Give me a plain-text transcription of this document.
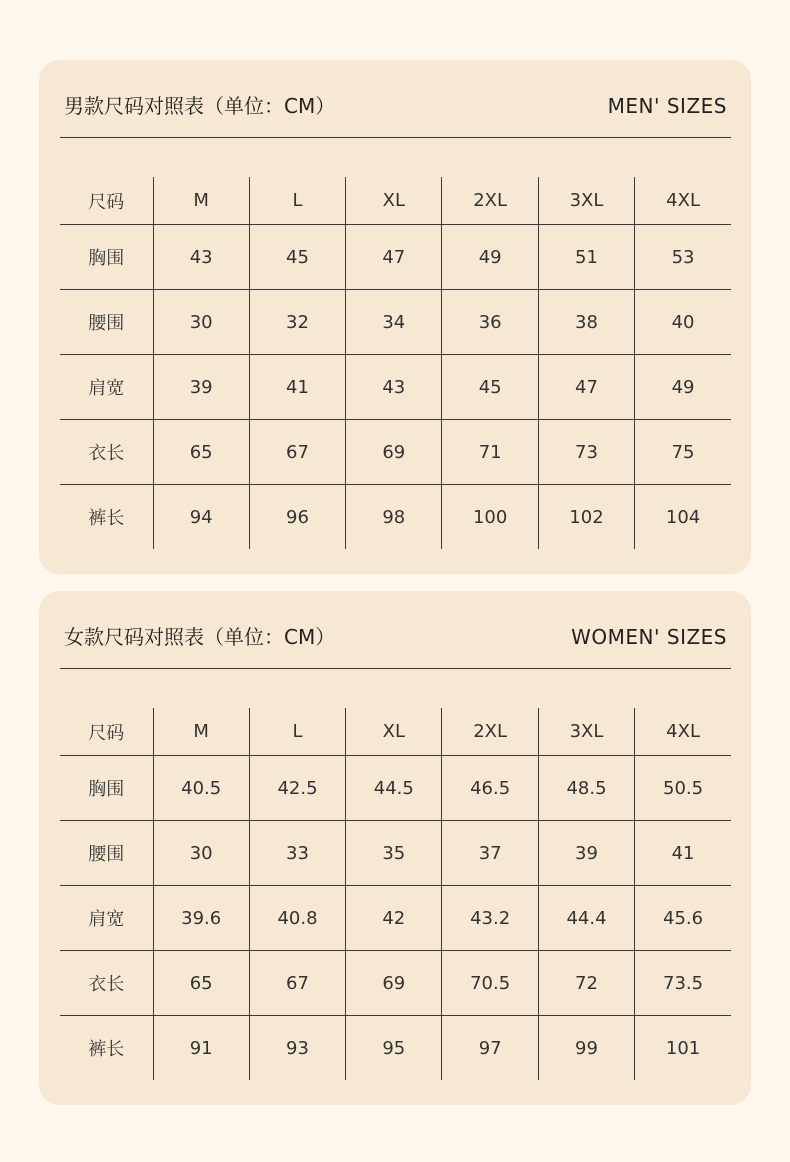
男款尺码对照表（单位：CM）	MEN' SIZES
尺码	M	L	XL	2XL	3XL	4XL
胸围	43	45	47	49	51	53
腰围	30	32	34	36	38	40
肩宽	39	41	43	45	47	49
衣长	65	67	69	71	73	75
裤长	94	96	98	100	102	104
女款尺码对照表（单位：CM）	WOMEN' SIZES
尺码	M	L	XL	2XL	3XL	4XL
胸围	40.5	42.5	44.5	46.5	48.5	50.5
腰围	30	33	35	37	39	41
肩宽	39.6	40.8	42	43.2	44.4	45.6
衣长	65	67	69	70.5	72	73.5
裤长	91	93	95	97	99	101
